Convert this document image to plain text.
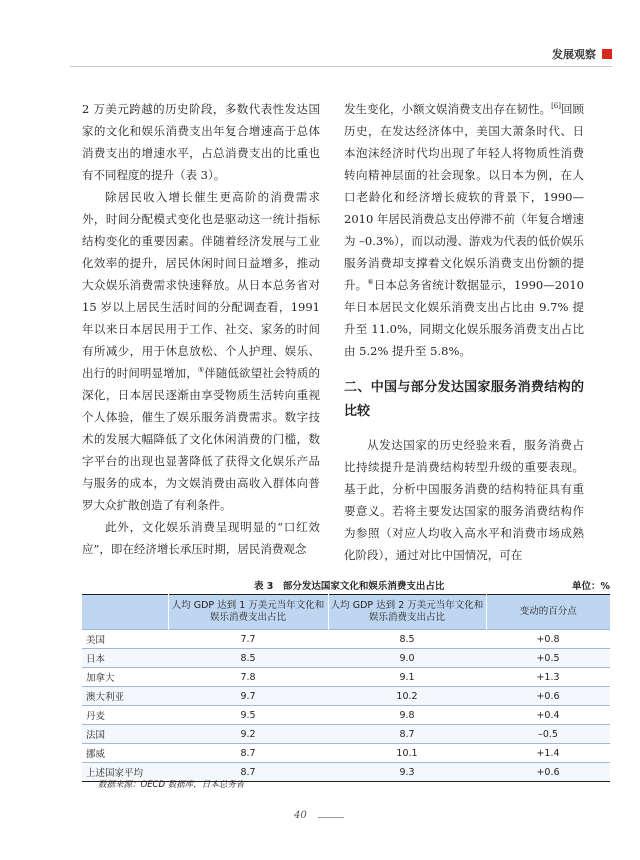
发展观察

2 万美元跨越的历史阶段，多数代表性发达国家的文化和娱乐消费支出年复合增速高于总体消费支出的增速水平，占总消费支出的比重也有不同程度的提升（表 3）。

除居民收入增长催生更高阶的消费需求外，时间分配模式变化也是驱动这一统计指标结构变化的重要因素。伴随着经济发展与工业化效率的提升，居民休闲时间日益增多，推动大众娱乐消费需求快速释放。从日本总务省对 15 岁以上居民生活时间的分配调查看，1991 年以来日本居民用于工作、社交、家务的时间有所减少，用于休息放松、个人护理、娱乐、出行的时间明显增加，⑤伴随低欲望社会特质的深化，日本居民逐渐由享受物质生活转向重视个人体验，催生了娱乐服务消费需求。数字技术的发展大幅降低了文化休闲消费的门槛，数字平台的出现也显著降低了获得文化娱乐产品与服务的成本，为文娱消费由高收入群体向普罗大众扩散创造了有利条件。

此外，文化娱乐消费呈现明显的“口红效应”，即在经济增长承压时期，居民消费观念

发生变化，小额文娱消费支出存在韧性。[6]回顾历史，在发达经济体中，美国大萧条时代、日本泡沫经济时代均出现了年轻人将物质性消费转向精神层面的社会现象。以日本为例，在人口老龄化和经济增长疲软的背景下，1990—2010 年居民消费总支出停滞不前（年复合增速为 –0.3%），而以动漫、游戏为代表的低价娱乐服务消费却支撑着文化娱乐消费支出份额的提升。⑥日本总务省统计数据显示，1990—2010 年日本居民文化娱乐消费支出占比由 9.7% 提升至 11.0%，同期文化娱乐服务消费支出占比由 5.2% 提升至 5.8%。

二、中国与部分发达国家服务消费结构的比较

从发达国家的历史经验来看，服务消费占比持续提升是消费结构转型升级的重要表现。基于此，分析中国服务消费的结构特征具有重要意义。若将主要发达国家的服务消费结构作为参照（对应人均收入高水平和消费市场成熟化阶段），通过对比中国情况，可在

表 3　部分发达国家文化和娱乐消费支出占比	单位：%
	人均 GDP 达到 1 万美元当年文化和娱乐消费支出占比	人均 GDP 达到 2 万美元当年文化和娱乐消费支出占比	变动的百分点
美国	7.7	8.5	+0.8
日本	8.5	9.0	+0.5
加拿大	7.8	9.1	+1.3
澳大利亚	9.7	10.2	+0.6
丹麦	9.5	9.8	+0.4
法国	9.2	8.7	–0.5
挪威	8.7	10.1	+1.4
上述国家平均	8.7	9.3	+0.6
数据来源：OECD 数据库，日本总务省
40
